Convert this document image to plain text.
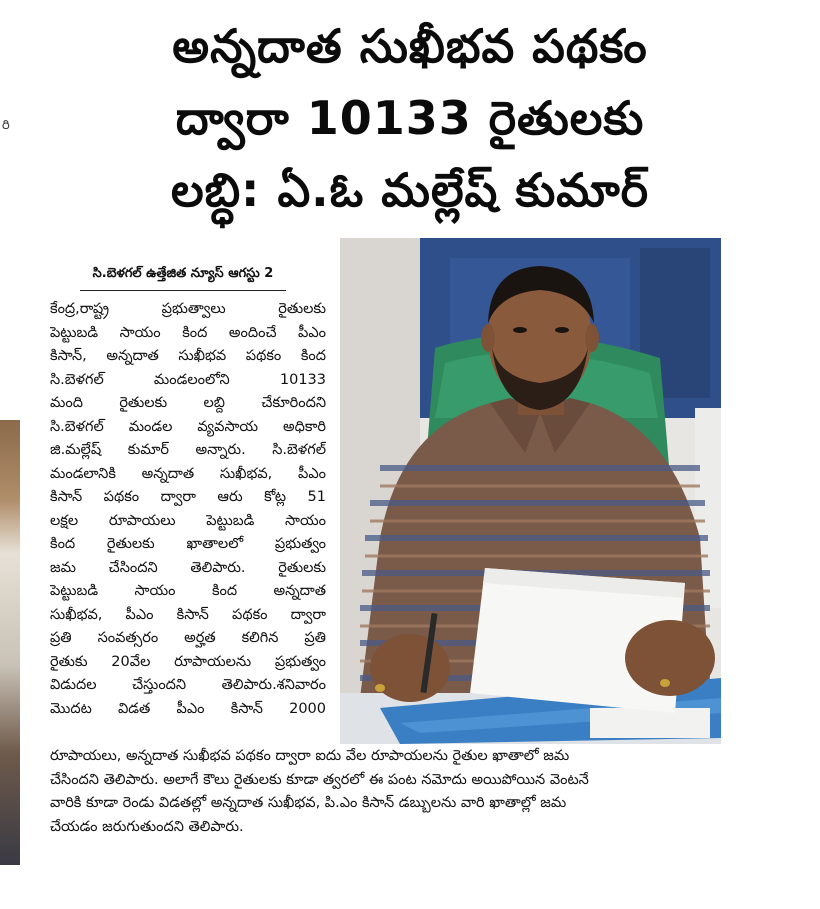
అన్నదాత సుఖీభవ పథకం
ద్వారా 10133 రైతులకు
లబ్ధి: ఏ.ఓ మల్లేష్ కుమార్
రి
సి.బెళగల్ ఉత్తేజిత న్యూస్ ఆగస్టు 2
కేంద్ర,రాష్ట్ర ప్రభుత్వాలు రైతులకు
పెట్టుబడి సాయం కింద అందించే పీఎం
కిసాన్, అన్నదాత సుఖీభవ పథకం కింద
సి.బెళగల్ మండలంలోని 10133
మంది రైతులకు లబ్ది చేకూరిందని
సి.బెళగల్ మండల వ్యవసాయ అధికారి
జి.మల్లేష్ కుమార్ అన్నారు. సి.బెళగల్
మండలానికి అన్నదాత సుఖీభవ, పీఎం
కిసాన్ పథకం ద్వారా ఆరు కోట్ల 51
లక్షల రూపాయలు పెట్టుబడి సాయం
కింద రైతులకు ఖాతాలలో ప్రభుత్వం
జమ చేసిందని తెలిపారు. రైతులకు
పెట్టుబడి సాయం కింద అన్నదాత
సుఖీభవ, పీఎం కిసాన్ పథకం ద్వారా
ప్రతి సంవత్సరం అర్హత కలిగిన ప్రతి
రైతుకు 20వేల రూపాయలను ప్రభుత్వం
విడుదల చేస్తుందని తెలిపారు.శనివారం
మొదట విడత పీఎం కిసాన్ 2000
రూపాయలు, అన్నదాత సుఖీభవ పథకం ద్వారా ఐదు వేల రూపాయలను రైతుల ఖాతాలో జమ
చేసిందని తెలిపారు. అలాగే కౌలు రైతులకు కూడా త్వరలో ఈ పంట నమోదు అయిపోయిన వెంటనే
వారికి కూడా రెండు విడతల్లో అన్నదాత సుఖీభవ, పి.ఎం కిసాన్ డబ్బులను వారి ఖాతాల్లో జమ
చేయడం జరుగుతుందని తెలిపారు.
